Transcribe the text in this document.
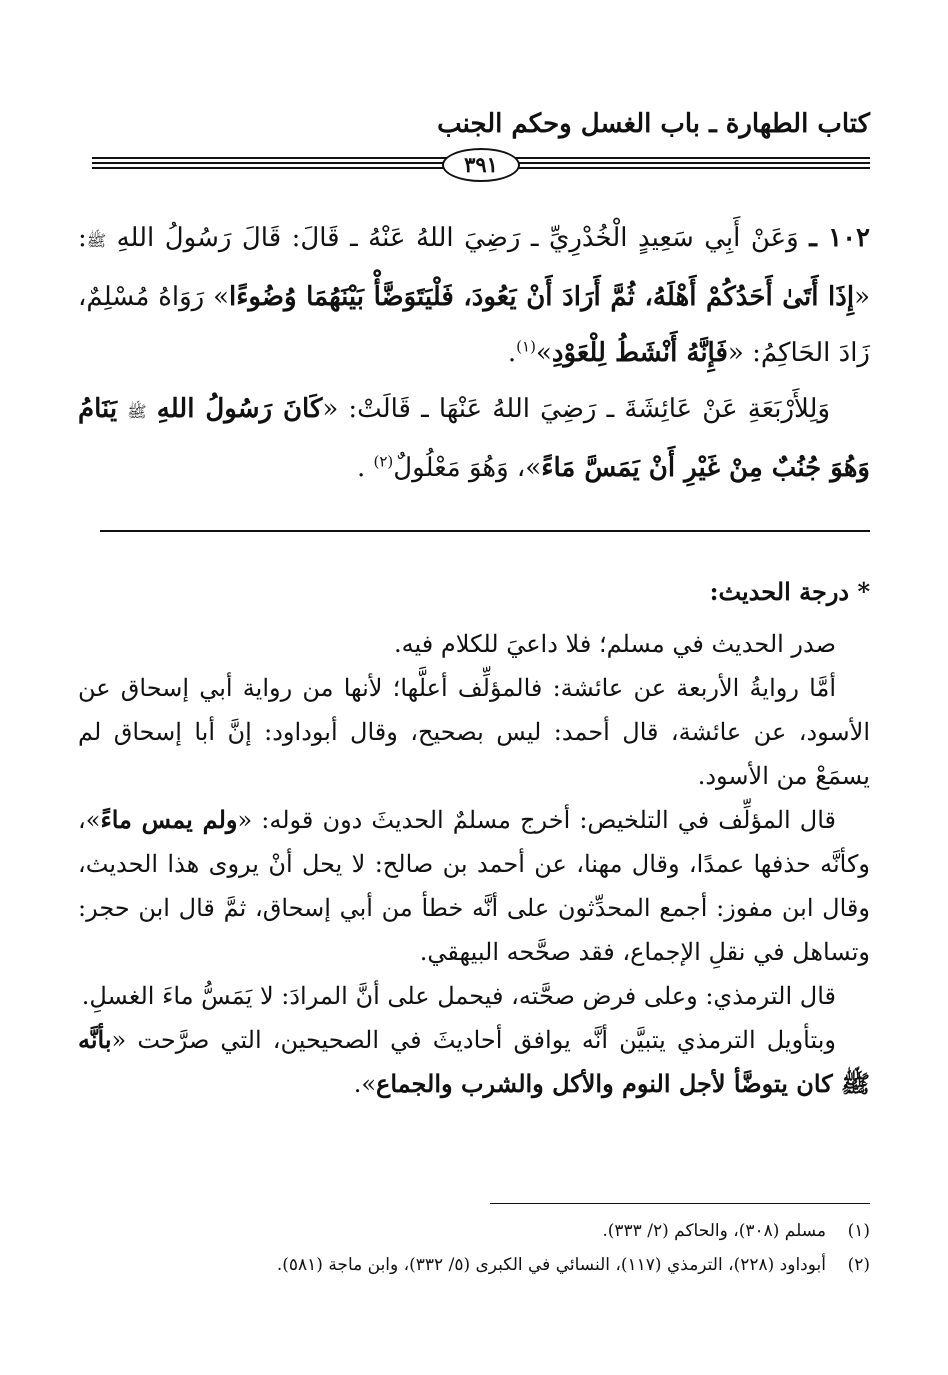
كتاب الطهارة ـ باب الغسل وحكم الجنب
٣٩١

١٠٢ ـ وَعَنْ أَبِي سَعِيدٍ الْخُدْرِيِّ ـ رَضِيَ اللهُ عَنْهُ ـ قَالَ: قَالَ رَسُولُ اللهِ ﷺ: «إِذَا أَتَىٰ أَحَدُكُمْ أَهْلَهُ، ثُمَّ أَرَادَ أَنْ يَعُودَ، فَلْيَتَوَضَّأْ بَيْنَهُمَا وُضُوءًا» رَوَاهُ مُسْلِمٌ، زَادَ الحَاكِمُ: «فَإِنَّهُ أَنْشَطُ لِلْعَوْدِ»$^{(١)}$.

وَلِلأَرْبَعَةِ عَنْ عَائِشَةَ ـ رَضِيَ اللهُ عَنْهَا ـ قَالَتْ: «كَانَ رَسُولُ اللهِ ﷺ يَنَامُ وَهُوَ جُنُبٌ مِنْ غَيْرِ أَنْ يَمَسَّ مَاءً»، وَهُوَ مَعْلُولٌ$^{(٢)}$ .

* درجة الحديث:

صدر الحديث في مسلم؛ فلا داعيَ للكلام فيه.

أمَّا روايةُ الأربعة عن عائشة: فالمؤلِّف أعلَّها؛ لأنها من رواية أبي إسحاق عن الأسود، عن عائشة، قال أحمد: ليس بصحيح، وقال أبوداود: إنَّ أبا إسحاق لم يسمَعْ من الأسود.

قال المؤلِّف في التلخيص: أخرج مسلمٌ الحديثَ دون قوله: «ولم يمس ماءً»، وكأنَّه حذفها عمدًا، وقال مهنا، عن أحمد بن صالح: لا يحل أنْ يروى هذا الحديث، وقال ابن مفوز: أجمع المحدِّثون على أنَّه خطأ من أبي إسحاق، ثمَّ قال ابن حجر: وتساهل في نقلِ الإجماع، فقد صحَّحه البيهقي.

قال الترمذي: وعلى فرض صحَّته، فيحمل على أنَّ المرادَ: لا يَمَسُّ ماءَ الغسلِ.

وبتأويل الترمذي يتبيَّن أنَّه يوافق أحاديثَ في الصحيحين، التي صرَّحت «بأنَّه ﷺ كان يتوضَّأ لأجل النوم والأكل والشرب والجماع».

(١)مسلم (٣٠٨)، والحاكم (٢/ ٣٣٣).

(٢)أبوداود (٢٢٨)، الترمذي (١١٧)، النسائي في الكبرى (٥/ ٣٣٢)، وابن ماجة (٥٨١).
